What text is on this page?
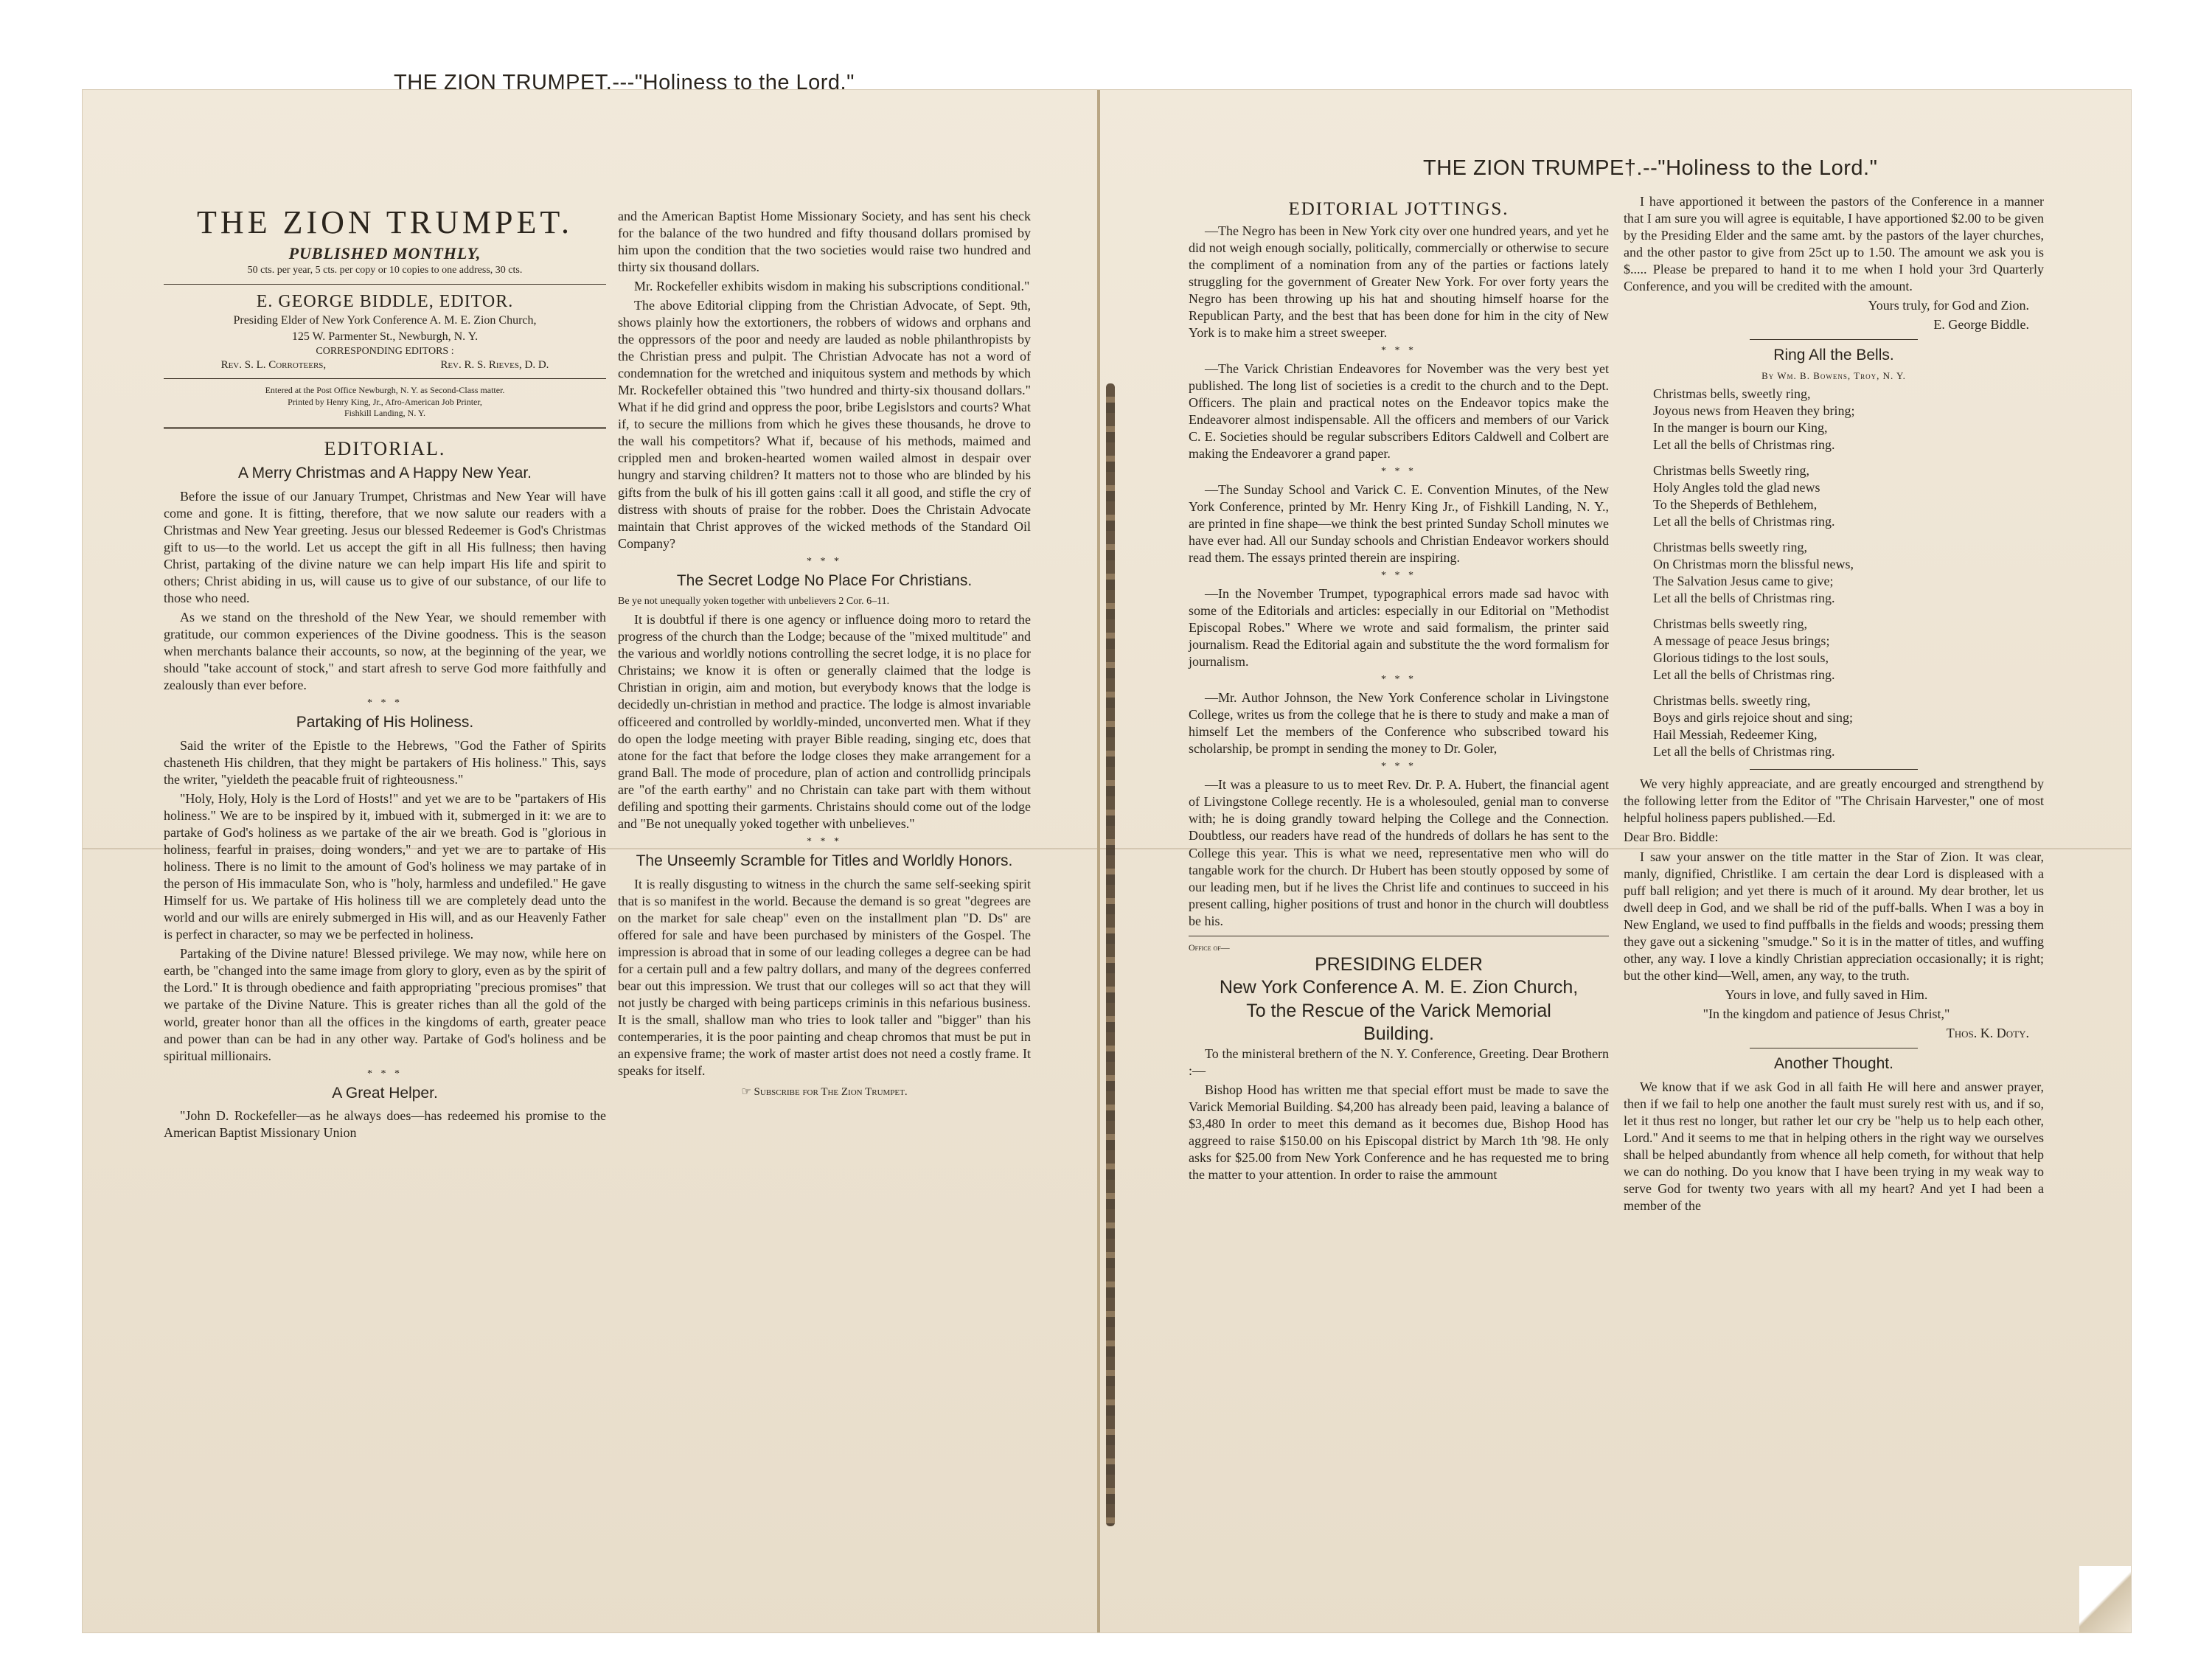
THE ZION TRUMPET.---"Holiness to the Lord."
THE ZION TRUMPE†.--"Holiness to the Lord."
THE ZION TRUMPET.
PUBLISHED MONTHLY,
50 cts. per year, 5 cts. per copy or 10 copies to one address, 30 cts.
E. GEORGE BIDDLE, EDITOR.
Presiding Elder of New York Conference A. M. E. Zion Church,
125 W. Parmenter St., Newburgh, N. Y.
CORRESPONDING EDITORS :
Rev. S. L. Corroteers,	Rev. R. S. Rieves, D. D.
Entered at the Post Office Newburgh, N. Y. as Second-Class matter.
Printed by Henry King, Jr., Afro-American Job Printer,
Fishkill Landing, N. Y.
EDITORIAL.
A Merry Christmas and A Happy New Year.

Before the issue of our January Trumpet, Christmas and New Year will have come and gone. It is fitting, therefore, that we now salute our readers with a Christmas and New Year greeting. Jesus our blessed Redeemer is God's Christmas gift to us—to the world. Let us accept the gift in all His fullness; then having Christ, partaking of the divine nature we can help impart His life and spirit to others; Christ abiding in us, will cause us to give of our substance, of our life to those who need.

As we stand on the threshold of the New Year, we should remember with gratitude, our common experiences of the Divine goodness. This is the season when merchants balance their accounts, so now, at the beginning of the year, we should "take account of stock," and start afresh to serve God more faithfully and zealously than ever before.

* * *
Partaking of His Holiness.

Said the writer of the Epistle to the Hebrews, "God the Father of Spirits chasteneth His children, that they might be partakers of His holiness." This, says the writer, "yieldeth the peacable fruit of righteousness."

"Holy, Holy, Holy is the Lord of Hosts!" and yet we are to be "partakers of His holiness." We are to be inspired by it, imbued with it, submerged in it: we are to partake of God's holiness as we partake of the air we breath. God is "glorious in holiness, fearful in praises, doing wonders," and yet we are to partake of His holiness. There is no limit to the amount of God's holiness we may partake of in the person of His immaculate Son, who is "holy, harmless and undefiled." He gave Himself for us. We partake of His holiness till we are completely dead unto the world and our wills are enirely submerged in His will, and as our Heavenly Father is perfect in character, so may we be perfected in holiness.

Partaking of the Divine nature! Blessed privilege. We may now, while here on earth, be "changed into the same image from glory to glory, even as by the spirit of the Lord." It is through obedience and faith appropriating "precious promises" that we partake of the Divine Nature. This is greater riches than all the gold of the world, greater honor than all the offices in the kingdoms of earth, greater peace and power than can be had in any other way. Partake of God's holiness and be spiritual millionairs.

* * *
A Great Helper.

"John D. Rockefeller—as he always does—has redeemed his promise to the American Baptist Missionary Union

and the American Baptist Home Missionary Society, and has sent his check for the balance of the two hundred and fifty thousand dollars promised by him upon the condition that the two societies would raise two hundred and thirty six thousand dollars.

Mr. Rockefeller exhibits wisdom in making his subscriptions conditional."

The above Editorial clipping from the Christian Advocate, of Sept. 9th, shows plainly how the extortioners, the robbers of widows and orphans and the oppressors of the poor and needy are lauded as noble philanthropists by the Christian press and pulpit. The Christian Advocate has not a word of condemnation for the wretched and iniquitous system and methods by which Mr. Rockefeller obtained this "two hundred and thirty-six thousand dollars." What if he did grind and oppress the poor, bribe Legislstors and courts? What if, to secure the millions from which he gives these thousands, he drove to the wall his competitors? What if, because of his methods, maimed and crippled men and broken-hearted women wailed almost in despair over hungry and starving children? It matters not to those who are blinded by his gifts from the bulk of his ill gotten gains :call it all good, and stifle the cry of distress with shouts of praise for the robber. Does the Christain Advocate maintain that Christ approves of the wicked methods of the Standard Oil Company?

* * *
The Secret Lodge No Place For Christians.
Be ye not unequally yoken together with unbelievers 2 Cor. 6–11.

It is doubtful if there is one agency or influence doing moro to retard the progress of the church than the Lodge; because of the "mixed multitude" and the various and worldly notions controlling the secret lodge, it is no place for Christains; we know it is often or generally claimed that the lodge is Christian in origin, aim and motion, but everybody knows that the lodge is decidedly un-christian in method and practice. The lodge is almost invariable officeered and controlled by worldly-minded, unconverted men. What if they do open the lodge meeting with prayer Bible reading, singing etc, does that atone for the fact that before the lodge closes they make arrangement for a grand Ball. The mode of procedure, plan of action and controllidg principals are "of the earth earthy" and no Christain can take part with them without defiling and spotting their garments. Christains should come out of the lodge and "Be not unequally yoked together with unbelieves."

* * *
The Unseemly Scramble for Titles and Worldly Honors.

It is really disgusting to witness in the church the same self-seeking spirit that is so manifest in the world. Because the demand is so great "degrees are on the market for sale cheap" even on the installment plan "D. Ds" are offered for sale and have been purchased by ministers of the Gospel. The impression is abroad that in some of our leading colleges a degree can be had for a certain pull and a few paltry dollars, and many of the degrees conferred bear out this impression. We trust that our colleges will so act that they will not justly be charged with being particeps criminis in this nefarious business. It is the small, shallow man who tries to look taller and "bigger" than his contemperaries, it is the poor painting and cheap chromos that must be put in an expensive frame; the work of master artist does not need a costly frame. It speaks for itself.

☞ Subscribe for The Zion Trumpet.
EDITORIAL JOTTINGS.

—The Negro has been in New York city over one hundred years, and yet he did not weigh enough socially, politically, commercially or otherwise to secure the compliment of a nomination from any of the parties or factions lately struggling for the government of Greater New York. For over forty years the Negro has been throwing up his hat and shouting himself hoarse for the Republican Party, and the best that has been done for him in the city of New York is to make him a street sweeper.

* * *

—The Varick Christian Endeavores for November was the very best yet published. The long list of societies is a credit to the church and to the Dept. Officers. The plain and practical notes on the Endeavor topics make the Endeavorer almost indispensable. All the officers and members of our Varick C. E. Societies should be regular subscribers Editors Caldwell and Colbert are making the Endeavorer a grand paper.

* * *

—The Sunday School and Varick C. E. Convention Minutes, of the New York Conference, printed by Mr. Henry King Jr., of Fishkill Landing, N. Y., are printed in fine shape—we think the best printed Sunday Scholl minutes we have ever had. All our Sunday schools and Christian Endeavor workers should read them. The essays printed therein are inspiring.

* * *

—In the November Trumpet, typographical errors made sad havoc with some of the Editorials and articles: especially in our Editorial on "Methodist Episcopal Robes." Where we wrote and said formalism, the printer said journalism. Read the Editorial again and substitute the the word formalism for journalism.

* * *

—Mr. Author Johnson, the New York Conference scholar in Livingstone College, writes us from the college that he is there to study and make a man of himself Let the members of the Conference who subscribed toward his scholarship, be prompt in sending the money to Dr. Goler,

* * *

—It was a pleasure to us to meet Rev. Dr. P. A. Hubert, the financial agent of Livingstone College recently. He is a wholesouled, genial man to converse with; he is doing grandly toward helping the College and the Connection. Doubtless, our readers have read of the hundreds of dollars he has sent to the College this year. This is what we need, representative men who will do tangable work for the church. Dr Hubert has been stoutly opposed by some of our leading men, but if he lives the Christ life and continues to succeed in his present calling, higher positions of trust and honor in the church will doubtless be his.

Office of—
PRESIDING ELDER
New York Conference A. M. E. Zion Church,
To the Rescue of the Varick Memorial
Building.

To the ministeral brethern of the N. Y. Conference, Greeting. Dear Brothern :—

Bishop Hood has written me that special effort must be made to save the Varick Memorial Building. $4,200 has already been paid, leaving a balance of $3,480 In order to meet this demand as it becomes due, Bishop Hood has aggreed to raise $150.00 on his Episcopal district by March 1th '98. He only asks for $25.00 from New York Conference and he has requested me to bring the matter to your attention. In order to raise the ammount

I have apportioned it between the pastors of the Conference in a manner that I am sure you will agree is equitable, I have apportioned $2.00 to be given by the Presiding Elder and the same amt. by the pastors of the layer churches, and the other pastor to give from 25ct up to 1.50. The amount we ask you is $..... Please be prepared to hand it to me when I hold your 3rd Quarterly Conference, and you will be credited with the amount.

Yours truly, for God and Zion.

E. George Biddle.

Ring All the Bells.
By Wm. B. Bowens, Troy, N. Y.

Christmas bells, sweetly ring,

Joyous news from Heaven they bring;

In the manger is bourn our King,

Let all the bells of Christmas ring.

Christmas bells Sweetly ring,

Holy Angles told the glad news

To the Sheperds of Bethlehem,

Let all the bells of Christmas ring.

Christmas bells sweetly ring,

On Christmas morn the blissful news,

The Salvation Jesus came to give;

Let all the bells of Christmas ring.

Christmas bells sweetly ring,

A message of peace Jesus brings;

Glorious tidings to the lost souls,

Let all the bells of Christmas ring.

Christmas bells. sweetly ring,

Boys and girls rejoice shout and sing;

Hail Messiah, Redeemer King,

Let all the bells of Christmas ring.

We very highly appreaciate, and are greatly encourged and strengthend by the following letter from the Editor of "The Chrisain Harvester," one of most helpful holiness papers published.—Ed.

Dear Bro. Biddle:

I saw your answer on the title matter in the Star of Zion. It was clear, manly, dignified, Christlike. I am certain the dear Lord is displeased with a puff ball religion; and yet there is much of it around. My dear brother, let us dwell deep in God, and we shall be rid of the puff-balls. When I was a boy in New England, we used to find puffballs in the fields and woods; pressing them they gave out a sickening "smudge." So it is in the matter of titles, and wuffing other, any way. I love a kindly Christian appreciation occasionally; it is right; but the other kind—Well, amen, any way, to the truth.

Yours in love, and fully saved in Him.

"In the kingdom and patience of Jesus Christ,"

Thos. K. Doty.

Another Thought.

We know that if we ask God in all faith He will here and answer prayer, then if we fail to help one another the fault must surely rest with us, and if so, let it thus rest no longer, but rather let our cry be "help us to help each other, Lord." And it seems to me that in helping others in the right way we ourselves shall be helped abundantly from whence all help cometh, for without that help we can do nothing. Do you know that I have been trying in my weak way to serve God for twenty two years with all my heart? And yet I had been a member of the
